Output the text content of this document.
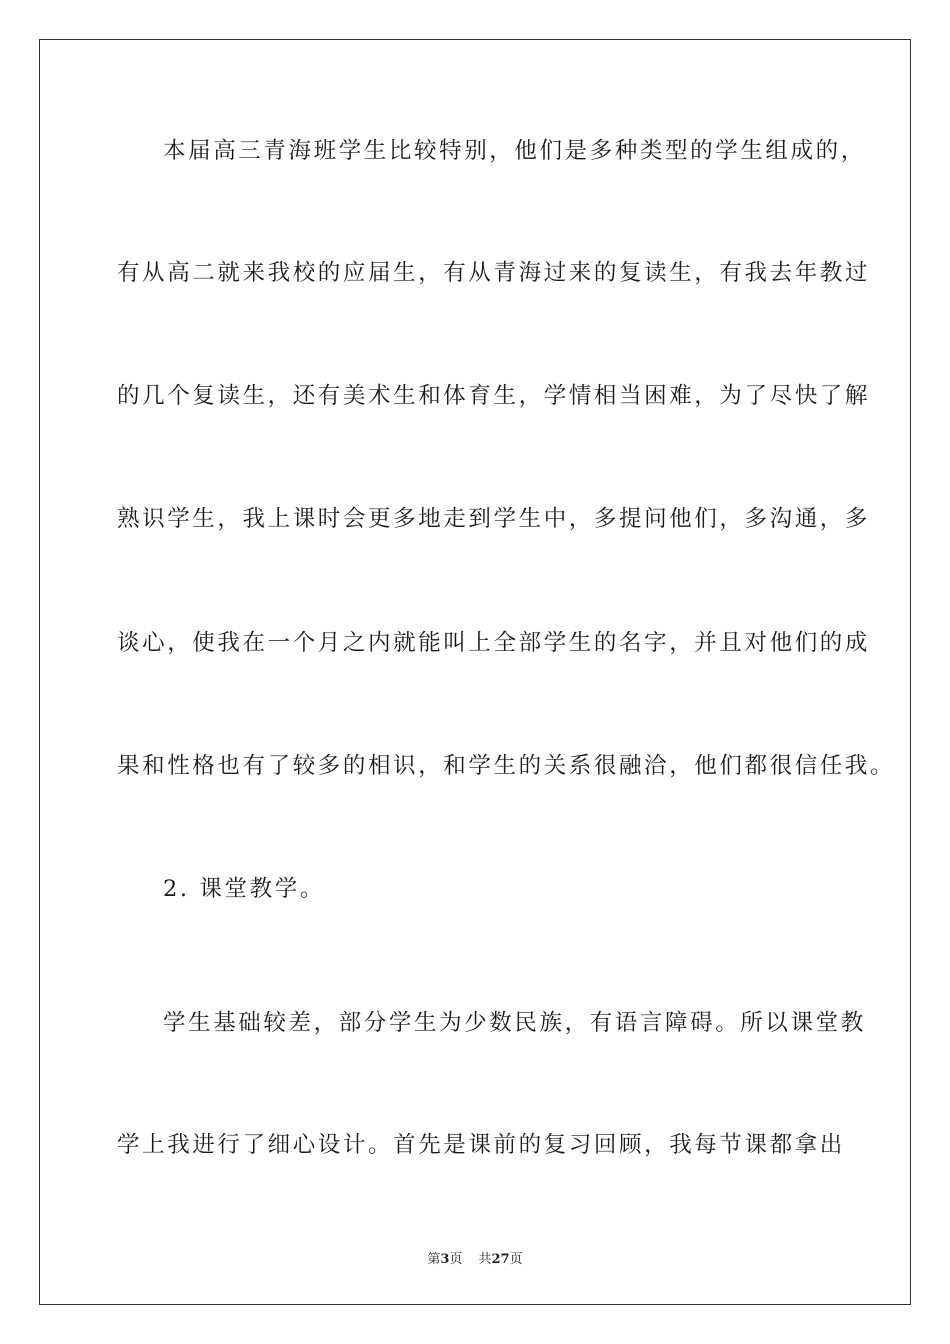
本届高三青海班学生比较特别，他们是多种类型的学生组成的，
有从高二就来我校的应届生，有从青海过来的复读生，有我去年教过
的几个复读生，还有美术生和体育生，学情相当困难，为了尽快了解
熟识学生，我上课时会更多地走到学生中，多提问他们，多沟通，多
谈心，使我在一个月之内就能叫上全部学生的名字，并且对他们的成
果和性格也有了较多的相识，和学生的关系很融洽，他们都很信任我。
2. 课堂教学。
学生基础较差，部分学生为少数民族，有语言障碍。所以课堂教
学上我进行了细心设计。首先是课前的复习回顾，我每节课都拿出
第3页 共27页
